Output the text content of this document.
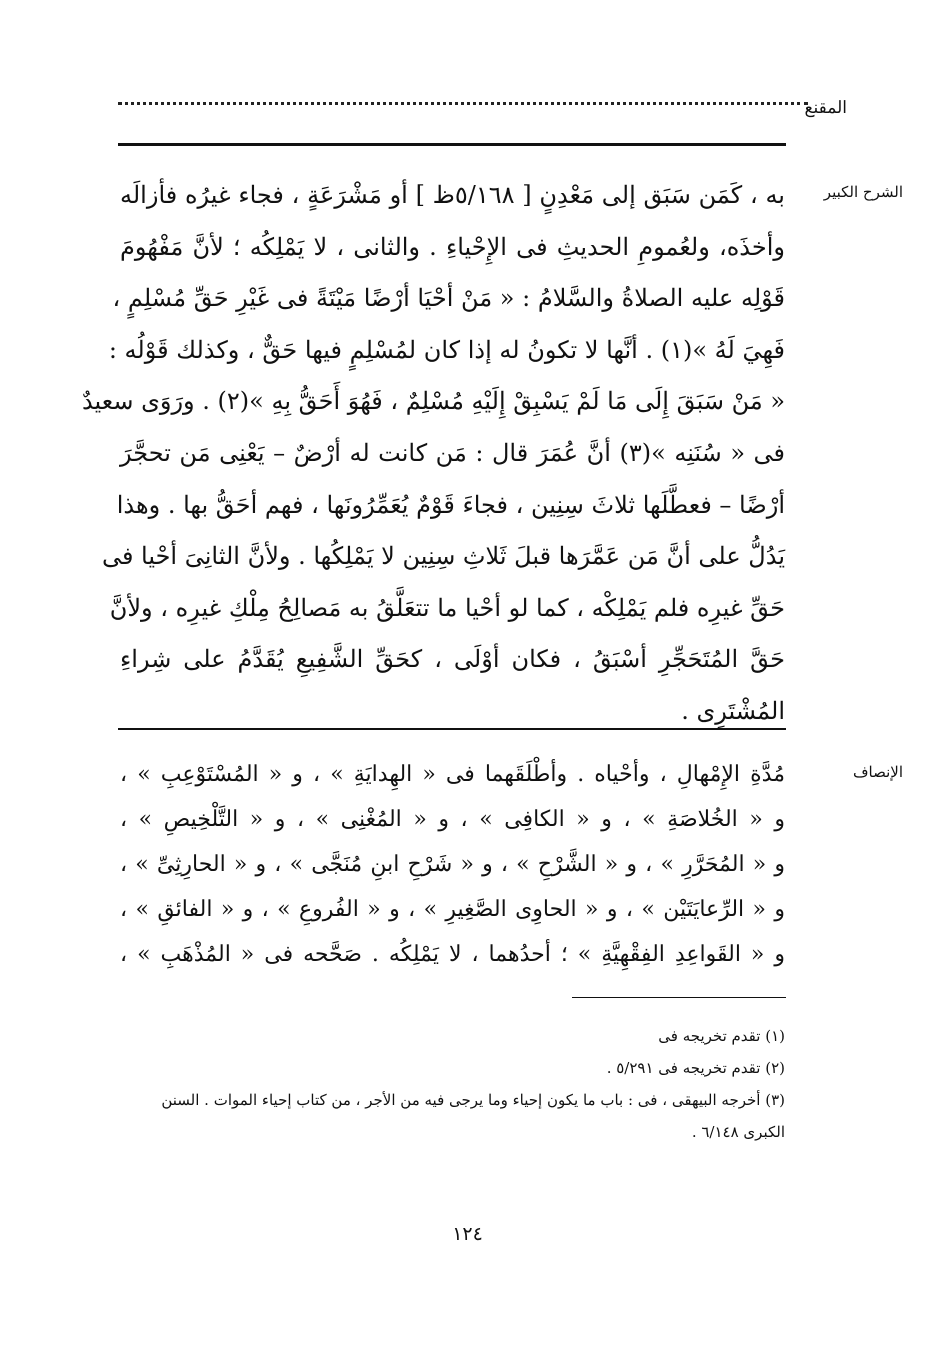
المقنع
الشرح الكبير
به ، كَمَن سَبَق إلى مَعْدِنٍ [ ٥/١٦٨ظ ] أو مَشْرَعَةٍ ، فجاء غيرُه فأزالَه
وأخذَه، ولعُمومِ الحديثِ فى الإِحْياءِ . والثانى ، لا يَمْلِكُه ؛ لأنَّ مَفْهُومَ
قَوْلِه عليه الصلاةُ والسَّلامُ : « مَنْ أحْيَا أرْضًا مَيْتَةً فى غَيْرِ حَقِّ مُسْلِمٍ ،
فَهِيَ لَهُ »(١) . أنَّها لا تكونُ له إذا كان لمُسْلِمٍ فيها حَقٌّ ، وكذلك قَوْلُه :
« مَنْ سَبَقَ إِلَى مَا لَمْ يَسْبِقْ إِلَيْهِ مُسْلِمٌ ، فَهُوَ أَحَقُّ بِهِ »(٢) . ورَوَى سعيدٌ
فى « سُنَنِه »(٣) أنَّ عُمَرَ قال : مَن كانت له أرْضٌ – يَعْنِى مَن تحجَّرَ
أرْضًا – فعطَّلَها ثلاثَ سِنِين ، فجاءَ قَوْمٌ يُعَمِّرُونَها ، فهم أحَقُّ بها . وهذا
يَدُلُّ على أنَّ مَن عَمَّرَها قبلَ ثَلاثِ سِنِين لا يَمْلِكُها . ولأنَّ الثانِىَ أحْيا فى
حَقِّ غيرِه فلم يَمْلِكْه ، كما لو أحْيا ما تتعَلَّقُ به مَصالِحُ مِلْكِ غيرِه ، ولأنَّ
حَقَّ المُتَحَجِّرِ أسْبَقُ ، فكان أوْلَى ، كحَقِّ الشَّفِيعِ يُقَدَّمُ على شِراءِ
المُشْتَرِى .
الإنصاف
مُدَّةِ الإِمْهالِ ، وأحْياه . وأطْلَقَهما فى « الهِدايَةِ » ، و « المُسْتَوْعِبِ » ،
و « الخُلاصَةِ » ، و « الكافِى » ، و « المُغْنِى » ، و « التَّلْخِيصِ » ،
و « المُحَرَّرِ » ، و « الشَّرْحِ » ، و « شَرْحِ ابنِ مُنَجَّى » ، و « الحارِثِىِّ » ،
و « الرِّعايَتَيْن » ، و « الحاوِى الصَّغِيرِ » ، و « الفُروعِ » ، و « الفائقِ » ،
و « القَواعِدِ الفِقْهِيَّةِ » ؛ أحدُهما ، لا يَمْلِكُه . صَحَّحه فى « المُذْهَبِ » ،
(١) تقدم تخريجه فى
(٢) تقدم تخريجه فى ٥/٢٩١ .
(٣) أخرجه البيهقى ، فى : باب ما يكون إحياء وما يرجى فيه من الأجر ، من كتاب إحياء الموات . السنن
الكبرى ٦/١٤٨ .
١٢٤
